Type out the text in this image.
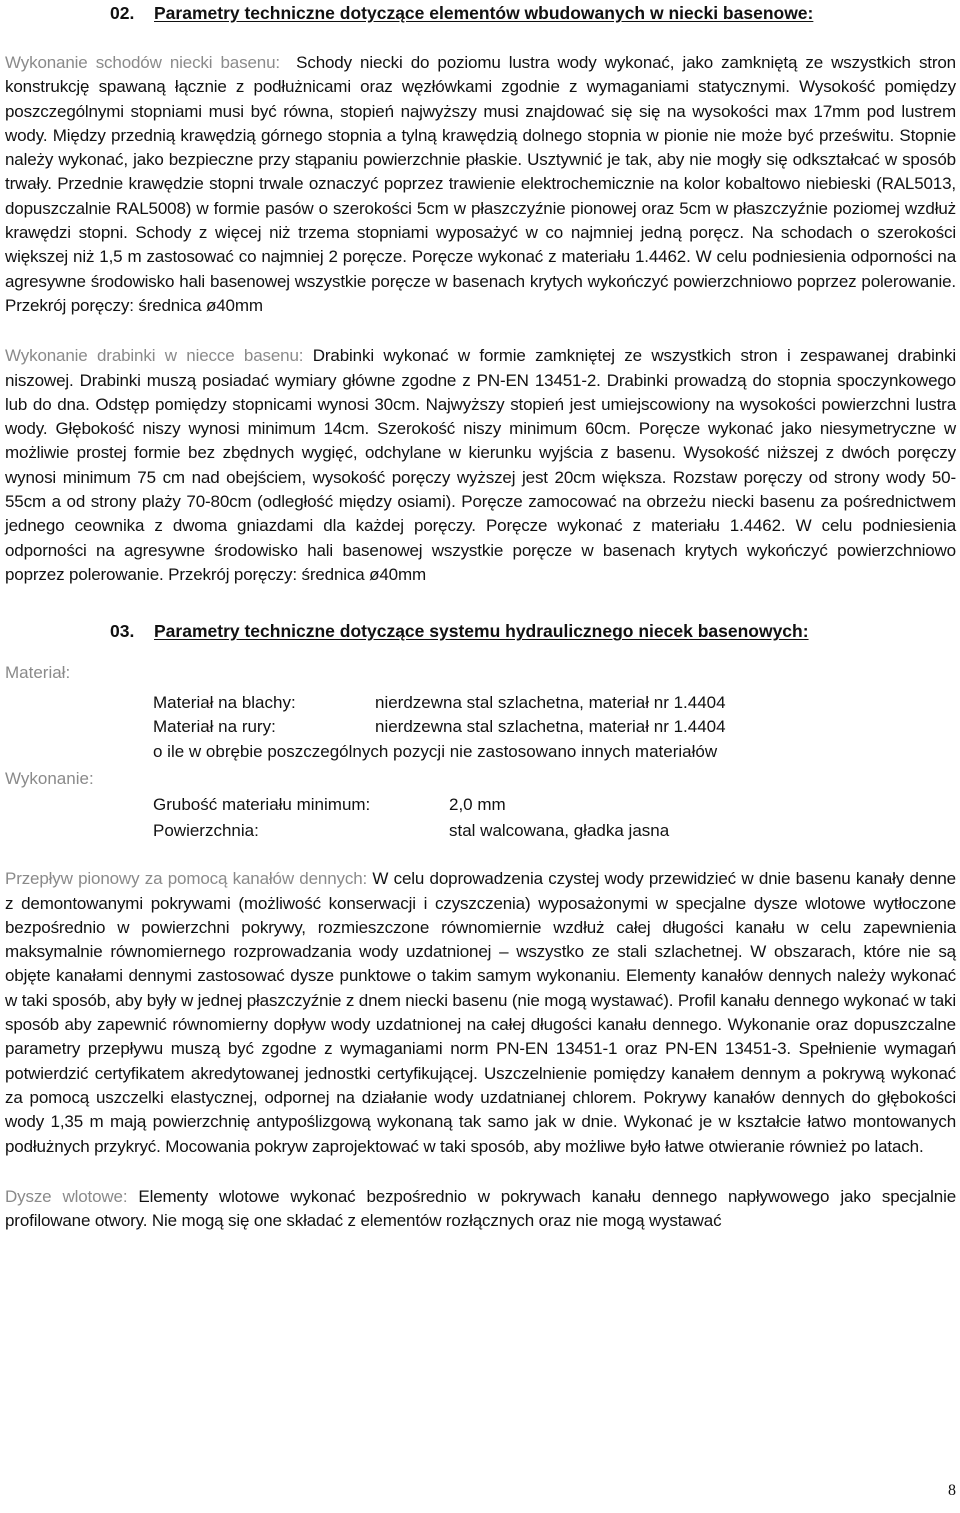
02.	Parametry techniczne dotyczące elementów wbudowanych w niecki basenowe:

Wykonanie schodów niecki basenu: Schody niecki do poziomu lustra wody wykonać, jako zamkniętą ze wszystkich stron konstrukcję spawaną łącznie z podłużnicami oraz węzłówkami zgodnie z wymaganiami statycznymi. Wysokość pomiędzy poszczególnymi stopniami musi być równa, stopień najwyższy musi znajdować się się na wysokości max 17mm pod lustrem wody. Między przednią krawędzią górnego stopnia a tylną krawędzią dolnego stopnia w pionie nie może być prześwitu. Stopnie należy wykonać, jako bezpieczne przy stąpaniu powierzchnie płaskie. Usztywnić je tak, aby nie mogły się odkształcać w sposób trwały. Przednie krawędzie stopni trwale oznaczyć poprzez trawienie elektrochemicznie na kolor kobaltowo niebieski (RAL5013, dopuszczalnie RAL5008) w formie pasów o szerokości 5cm w płaszczyźnie pionowej oraz 5cm w płaszczyźnie poziomej wzdłuż krawędzi stopni. Schody z więcej niż trzema stopniami wyposażyć w co najmniej jedną poręcz. Na schodach o szerokości większej niż 1,5 m zastosować co najmniej 2 poręcze. Poręcze wykonać z materiału 1.4462. W celu podniesienia odporności na agresywne środowisko hali basenowej wszystkie poręcze w basenach krytych wykończyć powierzchniowo poprzez polerowanie. Przekrój poręczy: średnica ø40mm

Wykonanie drabinki w niecce basenu: Drabinki wykonać w formie zamkniętej ze wszystkich stron i zespawanej drabinki niszowej. Drabinki muszą posiadać wymiary główne zgodne z PN-EN 13451-2. Drabinki prowadzą do stopnia spoczynkowego lub do dna. Odstęp pomiędzy stopnicami wynosi 30cm. Najwyższy stopień jest umiejscowiony na wysokości powierzchni lustra wody. Głębokość niszy wynosi minimum 14cm. Szerokość niszy minimum 60cm. Poręcze wykonać jako niesymetryczne w możliwie prostej formie bez zbędnych wygięć, odchylane w kierunku wyjścia z basenu. Wysokość niższej z dwóch poręczy wynosi minimum 75 cm nad obejściem, wysokość poręczy wyższej jest 20cm większa. Rozstaw poręczy od strony wody 50-55cm a od strony plaży 70-80cm (odległość między osiami). Poręcze zamocować na obrzeżu niecki basenu za pośrednictwem jednego ceownika z dwoma gniazdami dla każdej poręczy. Poręcze wykonać z materiału 1.4462. W celu podniesienia odporności na agresywne środowisko hali basenowej wszystkie poręcze w basenach krytych wykończyć powierzchniowo poprzez polerowanie. Przekrój poręczy: średnica ø40mm

03.	Parametry techniczne dotyczące systemu hydraulicznego niecek basenowych:
Materiał:
Wykonanie:
Materiał na blachy:	nierdzewna stal szlachetna, materiał nr 1.4404
Materiał na rury:	nierdzewna stal szlachetna, materiał nr 1.4404
o ile w obrębie poszczególnych pozycji nie zastosowano innych materiałów
Grubość materiału minimum:	2,0 mm
Powierzchnia:	stal walcowana, gładka jasna

Przepływ pionowy za pomocą kanałów dennych: W celu doprowadzenia czystej wody przewidzieć w dnie basenu kanały denne z demontowanymi pokrywami (możliwość konserwacji i czyszczenia) wyposażonymi w specjalne dysze wlotowe wytłoczone bezpośrednio w powierzchni pokrywy, rozmieszczone równomiernie wzdłuż całej długości kanału w celu zapewnienia maksymalnie równomiernego rozprowadzania wody uzdatnionej – wszystko ze stali szlachetnej. W obszarach, które nie są objęte kanałami dennymi zastosować dysze punktowe o takim samym wykonaniu. Elementy kanałów dennych należy wykonać w taki sposób, aby były w jednej płaszczyźnie z dnem niecki basenu (nie mogą wystawać). Profil kanału dennego wykonać w taki sposób aby zapewnić równomierny dopływ wody uzdatnionej na całej długości kanału dennego. Wykonanie oraz dopuszczalne parametry przepływu muszą być zgodne z wymaganiami norm PN-EN 13451-1 oraz PN-EN 13451-3. Spełnienie wymagań potwierdzić certyfikatem akredytowanej jednostki certyfikującej. Uszczelnienie pomiędzy kanałem dennym a pokrywą wykonać za pomocą uszczelki elastycznej, odpornej na działanie wody uzdatnianej chlorem. Pokrywy kanałów dennych do głębokości wody 1,35 m mają powierzchnię antypoślizgową wykonaną tak samo jak w dnie. Wykonać je w kształcie łatwo montowanych podłużnych przykryć. Mocowania pokryw zaprojektować w taki sposób, aby możliwe było łatwe otwieranie również po latach.

Dysze wlotowe: Elementy wlotowe wykonać bezpośrednio w pokrywach kanału dennego napływowego jako specjalnie profilowane otwory. Nie mogą się one składać z elementów rozłącznych oraz nie mogą wystawać

8
